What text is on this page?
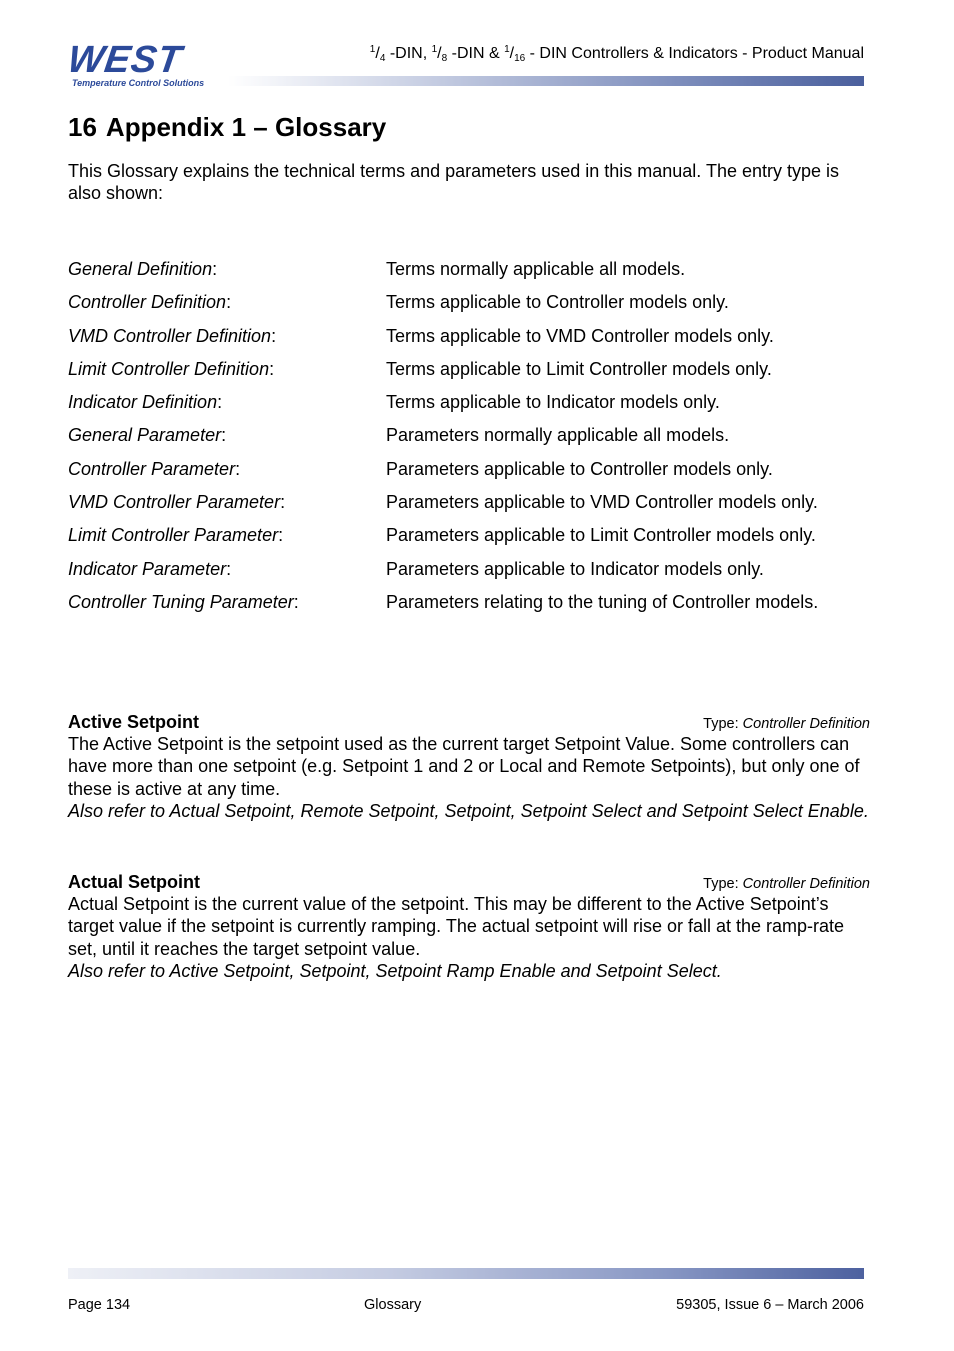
WEST
Temperature Control Solutions
$^1/_4$ -DIN, $^1/_8$ -DIN & $^1/_{16}$ - DIN Controllers & Indicators - Product Manual
16 Appendix 1 – Glossary

This Glossary explains the technical terms and parameters used in this manual. The entry type is also shown:

General Definition:	Terms normally applicable all models.
Controller Definition:	Terms applicable to Controller models only.
VMD Controller Definition:	Terms applicable to VMD Controller models only.
Limit Controller Definition:	Terms applicable to Limit Controller models only.
Indicator Definition:	Terms applicable to Indicator models only.
General Parameter:	Parameters normally applicable all models.
Controller Parameter:	Parameters applicable to Controller models only.
VMD Controller Parameter:	Parameters applicable to VMD Controller models only.
Limit Controller Parameter:	Parameters applicable to Limit Controller models only.
Indicator Parameter:	Parameters applicable to Indicator models only.
Controller Tuning Parameter:	Parameters relating to the tuning of Controller models.
Active Setpoint	Type: Controller Definition

The Active Setpoint is the setpoint used as the current target Setpoint Value. Some controllers can have more than one setpoint (e.g. Setpoint 1 and 2 or Local and Remote Setpoints), but only one of these is active at any time.

Also refer to Actual Setpoint, Remote Setpoint, Setpoint, Setpoint Select and Setpoint Select Enable.

Actual Setpoint	Type: Controller Definition

Actual Setpoint is the current value of the setpoint. This may be different to the Active Setpoint’s target value if the setpoint is currently ramping. The actual setpoint will rise or fall at the ramp-rate set, until it reaches the target setpoint value.

Also refer to Active Setpoint, Setpoint, Setpoint Ramp Enable and Setpoint Select.

Page 134	Glossary	59305, Issue 6 – March 2006
